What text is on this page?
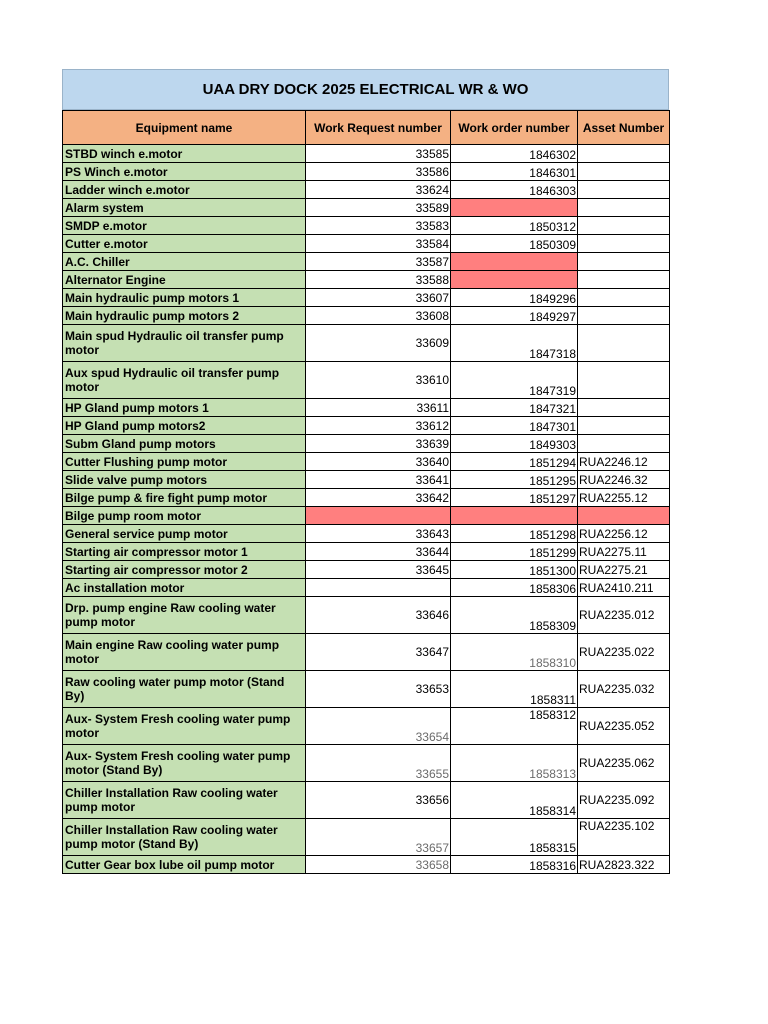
UAA DRY DOCK 2025 ELECTRICAL WR & WO
Equipment name	Work Request number	Work order number	Asset Number
STBD winch e.motor	33585	1846302	
PS Winch e.motor	33586	1846301	
Ladder winch e.motor	33624	1846303	
Alarm system	33589		
SMDP e.motor	33583	1850312	
Cutter e.motor	33584	1850309	
A.C. Chiller	33587		
Alternator Engine	33588		
Main hydraulic pump motors 1	33607	1849296	
Main hydraulic pump motors 2	33608	1849297	
Main spud Hydraulic oil transfer pump motor	33609	1847318	
Aux spud Hydraulic oil transfer pump motor	33610	1847319	
HP Gland pump motors 1	33611	1847321	
HP Gland pump motors2	33612	1847301	
Subm Gland pump motors	33639	1849303	
Cutter Flushing pump motor	33640	1851294	RUA2246.12
Slide valve pump motors	33641	1851295	RUA2246.32
Bilge pump & fire fight pump motor	33642	1851297	RUA2255.12
Bilge pump room motor			
General service pump motor	33643	1851298	RUA2256.12
Starting air compressor motor 1	33644	1851299	RUA2275.11
Starting air compressor motor 2	33645	1851300	RUA2275.21
Ac installation motor		1858306	RUA2410.211
Drp. pump engine Raw cooling water pump motor	33646	1858309	RUA2235.012
Main engine Raw cooling water pump motor	33647	1858310	RUA2235.022
Raw cooling water pump motor (Stand By)	33653	1858311	RUA2235.032
Aux- System Fresh cooling water pump motor	33654	1858312	RUA2235.052
Aux- System Fresh cooling water pump motor (Stand By)	33655	1858313	RUA2235.062
Chiller Installation Raw cooling water pump motor	33656	1858314	RUA2235.092
Chiller Installation Raw cooling water pump motor (Stand By)	33657	1858315	RUA2235.102
Cutter Gear box lube oil pump motor	33658	1858316	RUA2823.322
